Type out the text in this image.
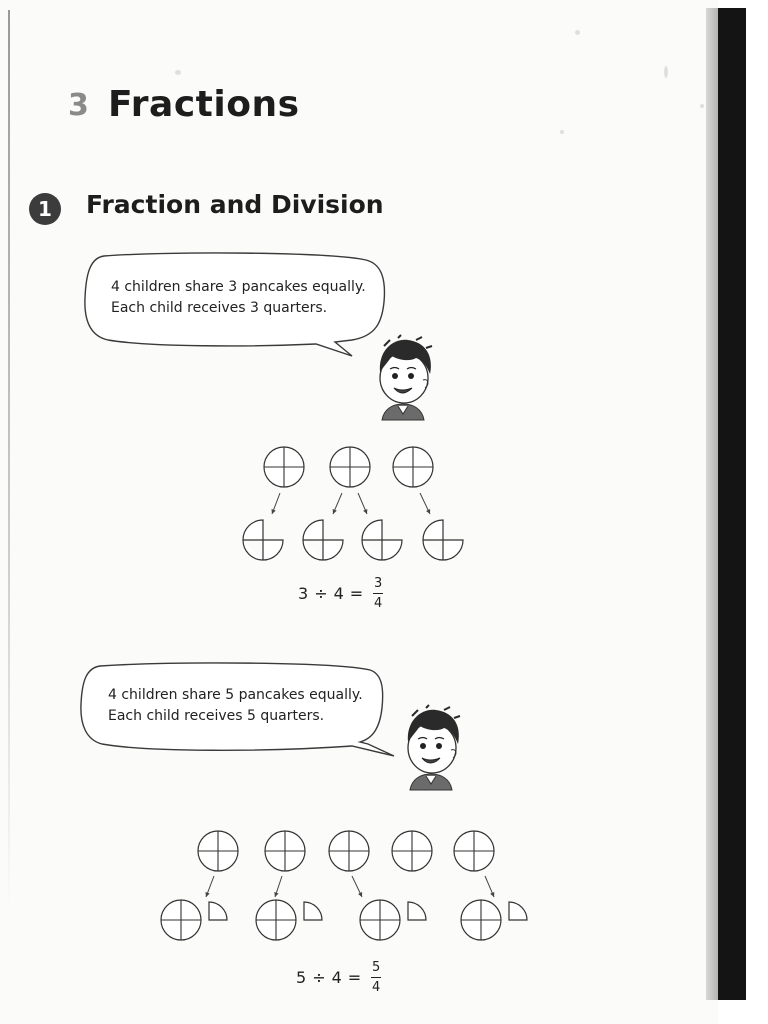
3 Fractions
1	Fraction and Division
4 children share 3 pancakes equally.
Each child receives 3 quarters.
$3 \div 4 = \frac{3}{4}$
4 children share 5 pancakes equally.
Each child receives 5 quarters.
$5 \div 4 = \frac{5}{4}$
